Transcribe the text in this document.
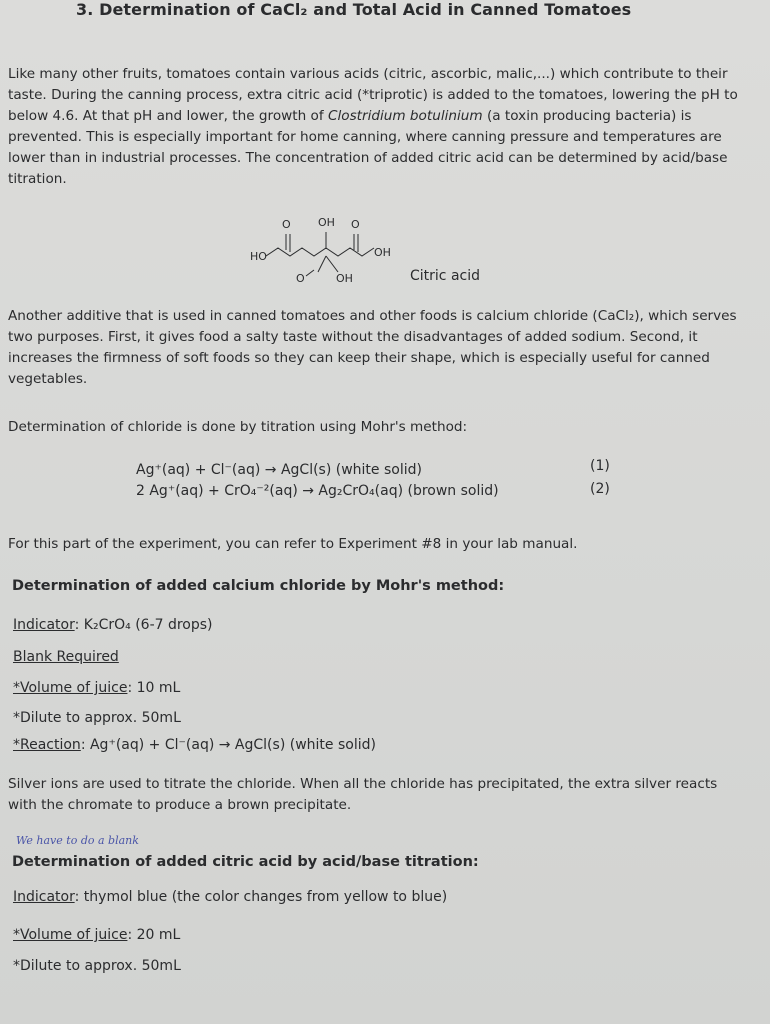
3. Determination of CaCl₂ and Total Acid in Canned Tomatoes

Like many other fruits, tomatoes contain various acids (citric, ascorbic, malic,...) which contribute to their taste. During the canning process, extra citric acid (*triprotic) is added to the tomatoes, lowering the pH to below 4.6. At that pH and lower, the growth of Clostridium botulinium (a toxin producing bacteria) is prevented. This is especially important for home canning, where canning pressure and temperatures are lower than in industrial processes. The concentration of added citric acid can be determined by acid/base titration.

O OH O
HO	OH
O	OH	Citric acid
Another additive that is used in canned tomatoes and other foods is calcium chloride (CaCl₂), which serves two purposes. First, it gives food a salty taste without the disadvantages of added sodium. Second, it increases the firmness of soft foods so they can keep their shape, which is especially useful for canned vegetables.
Determination of chloride is done by titration using Mohr's method:
Ag⁺(aq) + Cl⁻(aq) → AgCl(s) (white solid)
2 Ag⁺(aq) + CrO₄⁻²(aq) → Ag₂CrO₄(aq) (brown solid)
(1)
(2)
For this part of the experiment, you can refer to Experiment #8 in your lab manual.
Determination of added calcium chloride by Mohr's method:
Indicator: K₂CrO₄ (6-7 drops)
Blank Required
*Volume of juice: 10 mL
*Dilute to approx. 50mL
*Reaction: Ag⁺(aq) + Cl⁻(aq) → AgCl(s) (white solid)
Silver ions are used to titrate the chloride. When all the chloride has precipitated, the extra silver reacts with the chromate to produce a brown precipitate.
We have to do a blank
Determination of added citric acid by acid/base titration:
Indicator: thymol blue (the color changes from yellow to blue)
*Volume of juice: 20 mL
*Dilute to approx. 50mL
